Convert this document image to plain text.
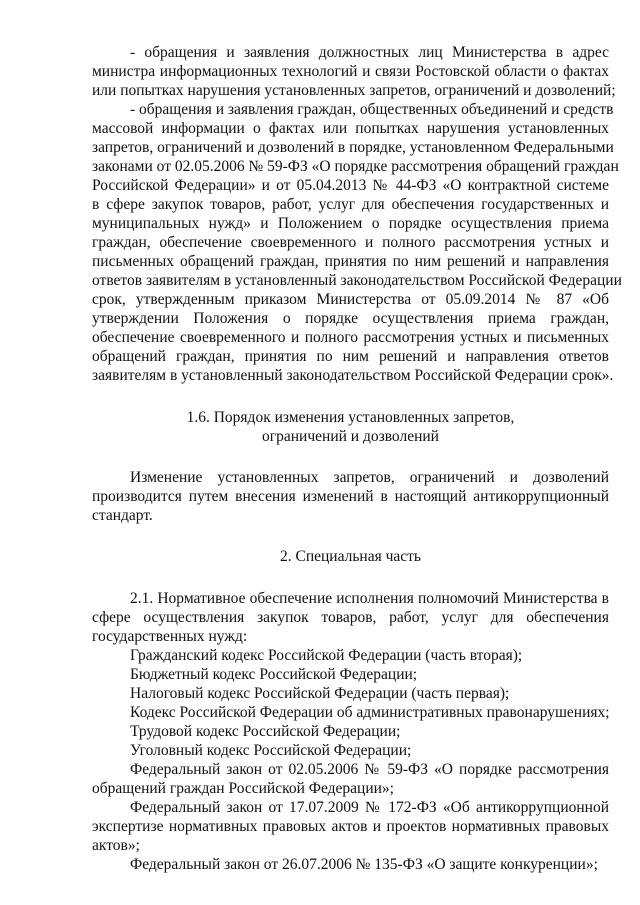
- обращения и заявления должностных лиц Министерства в адрес
министра информационных технологий и связи Ростовской области о фактах
или попытках нарушения установленных запретов, ограничений и дозволений;
- обращения и заявления граждан, общественных объединений и средств
массовой информации о фактах или попытках нарушения установленных
запретов, ограничений и дозволений в порядке, установленном Федеральными
законами от 02.05.2006 № 59-ФЗ «О порядке рассмотрения обращений граждан
Российской Федерации» и от 05.04.2013 № 44-ФЗ «О контрактной системе
в сфере закупок товаров, работ, услуг для обеспечения государственных и
муниципальных нужд» и Положением о порядке осуществления приема
граждан, обеспечение своевременного и полного рассмотрения устных и
письменных обращений граждан, принятия по ним решений и направления
ответов заявителям в установленный законодательством Российской Федерации
срок, утвержденным приказом Министерства от 05.09.2014 № 87 «Об
утверждении Положения о порядке осуществления приема граждан,
обеспечение своевременного и полного рассмотрения устных и письменных
обращений граждан, принятия по ним решений и направления ответов
заявителям в установленный законодательством Российской Федерации срок».
1.6. Порядок изменения установленных запретов,
ограничений и дозволений
Изменение установленных запретов, ограничений и дозволений
производится путем внесения изменений в настоящий антикоррупционный
стандарт.
2. Специальная часть
2.1. Нормативное обеспечение исполнения полномочий Министерства в
сфере осуществления закупок товаров, работ, услуг для обеспечения
государственных нужд:
Гражданский кодекс Российской Федерации (часть вторая);
Бюджетный кодекс Российской Федерации;
Налоговый кодекс Российской Федерации (часть первая);
Кодекс Российской Федерации об административных правонарушениях;
Трудовой кодекс Российской Федерации;
Уголовный кодекс Российской Федерации;
Федеральный закон от 02.05.2006 № 59-ФЗ «О порядке рассмотрения
обращений граждан Российской Федерации»;
Федеральный закон от 17.07.2009 № 172-ФЗ «Об антикоррупционной
экспертизе нормативных правовых актов и проектов нормативных правовых
актов»;
Федеральный закон от 26.07.2006 № 135-ФЗ «О защите конкуренции»;
